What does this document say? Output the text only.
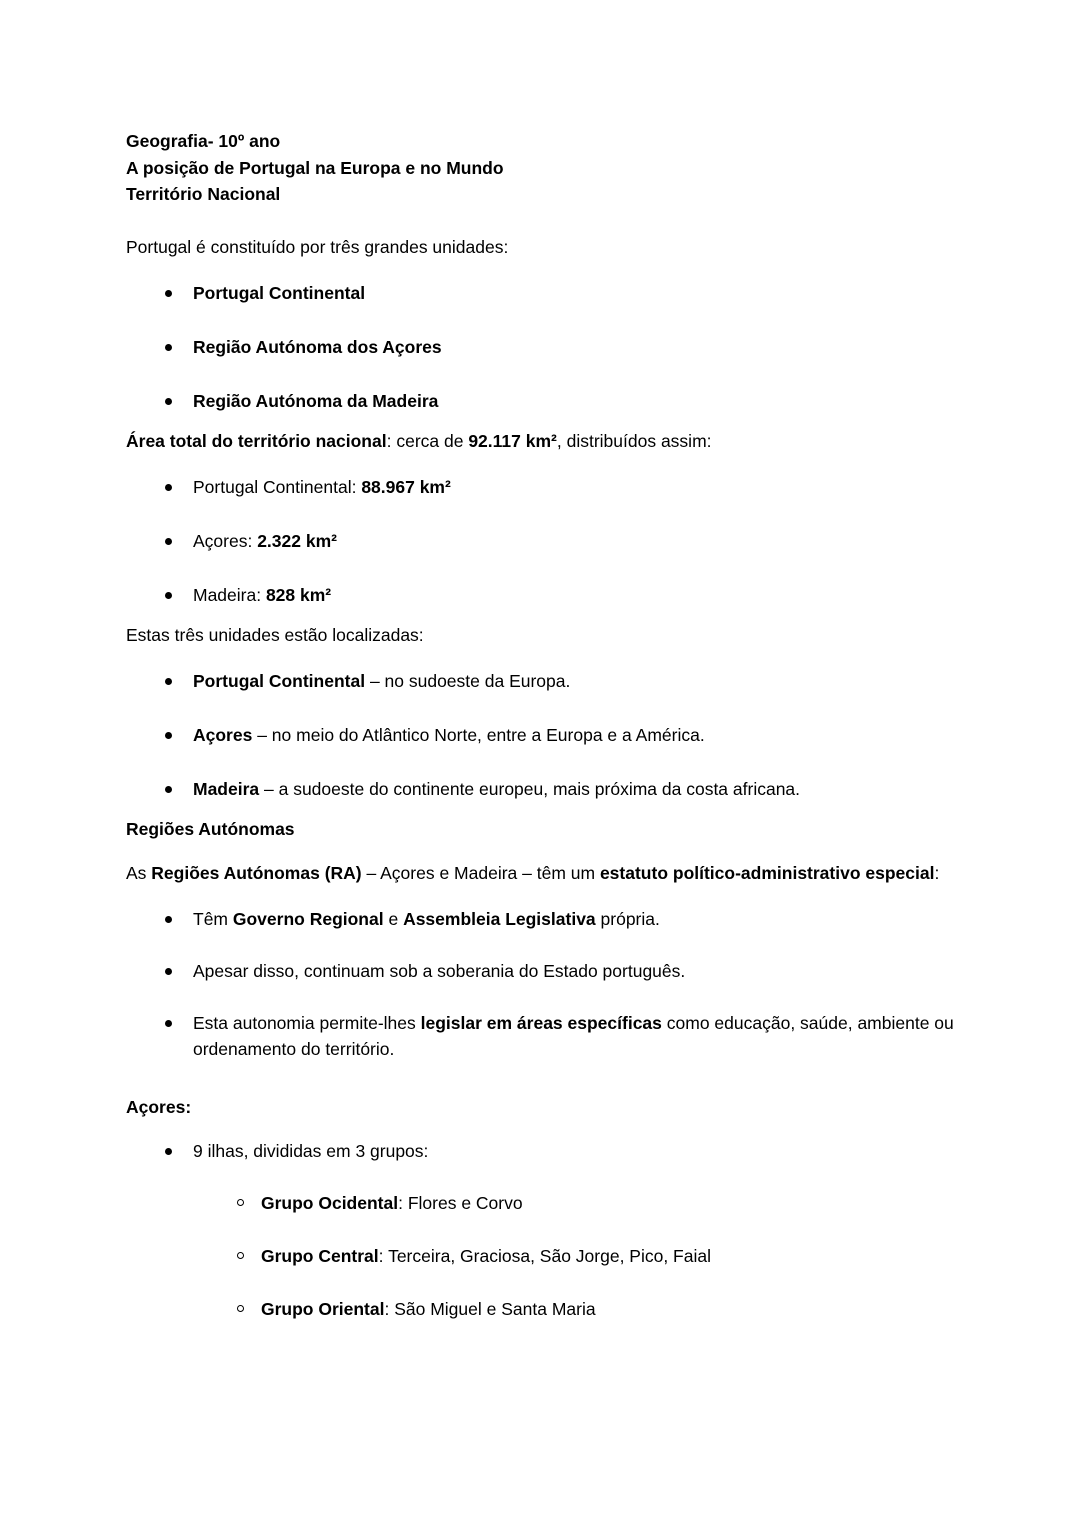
Geografia- 10º ano
A posição de Portugal na Europa e no Mundo
Território Nacional

Portugal é constituído por três grandes unidades:

Portugal Continental
Região Autónoma dos Açores
Região Autónoma da Madeira

Área total do território nacional: cerca de 92.117 km², distribuídos assim:

Portugal Continental: 88.967 km²
Açores: 2.322 km²
Madeira: 828 km²

Estas três unidades estão localizadas:

Portugal Continental – no sudoeste da Europa.
Açores – no meio do Atlântico Norte, entre a Europa e a América.
Madeira – a sudoeste do continente europeu, mais próxima da costa africana.
Regiões Autónomas

As Regiões Autónomas (RA) – Açores e Madeira – têm um estatuto político-administrativo especial:

Têm Governo Regional e Assembleia Legislativa própria.
Apesar disso, continuam sob a soberania do Estado português.
Esta autonomia permite-lhes legislar em áreas específicas como educação, saúde, ambiente ou ordenamento do território.
Açores:
9 ilhas, divididas em 3 grupos:
Grupo Ocidental: Flores e Corvo
Grupo Central: Terceira, Graciosa, São Jorge, Pico, Faial
Grupo Oriental: São Miguel e Santa Maria
